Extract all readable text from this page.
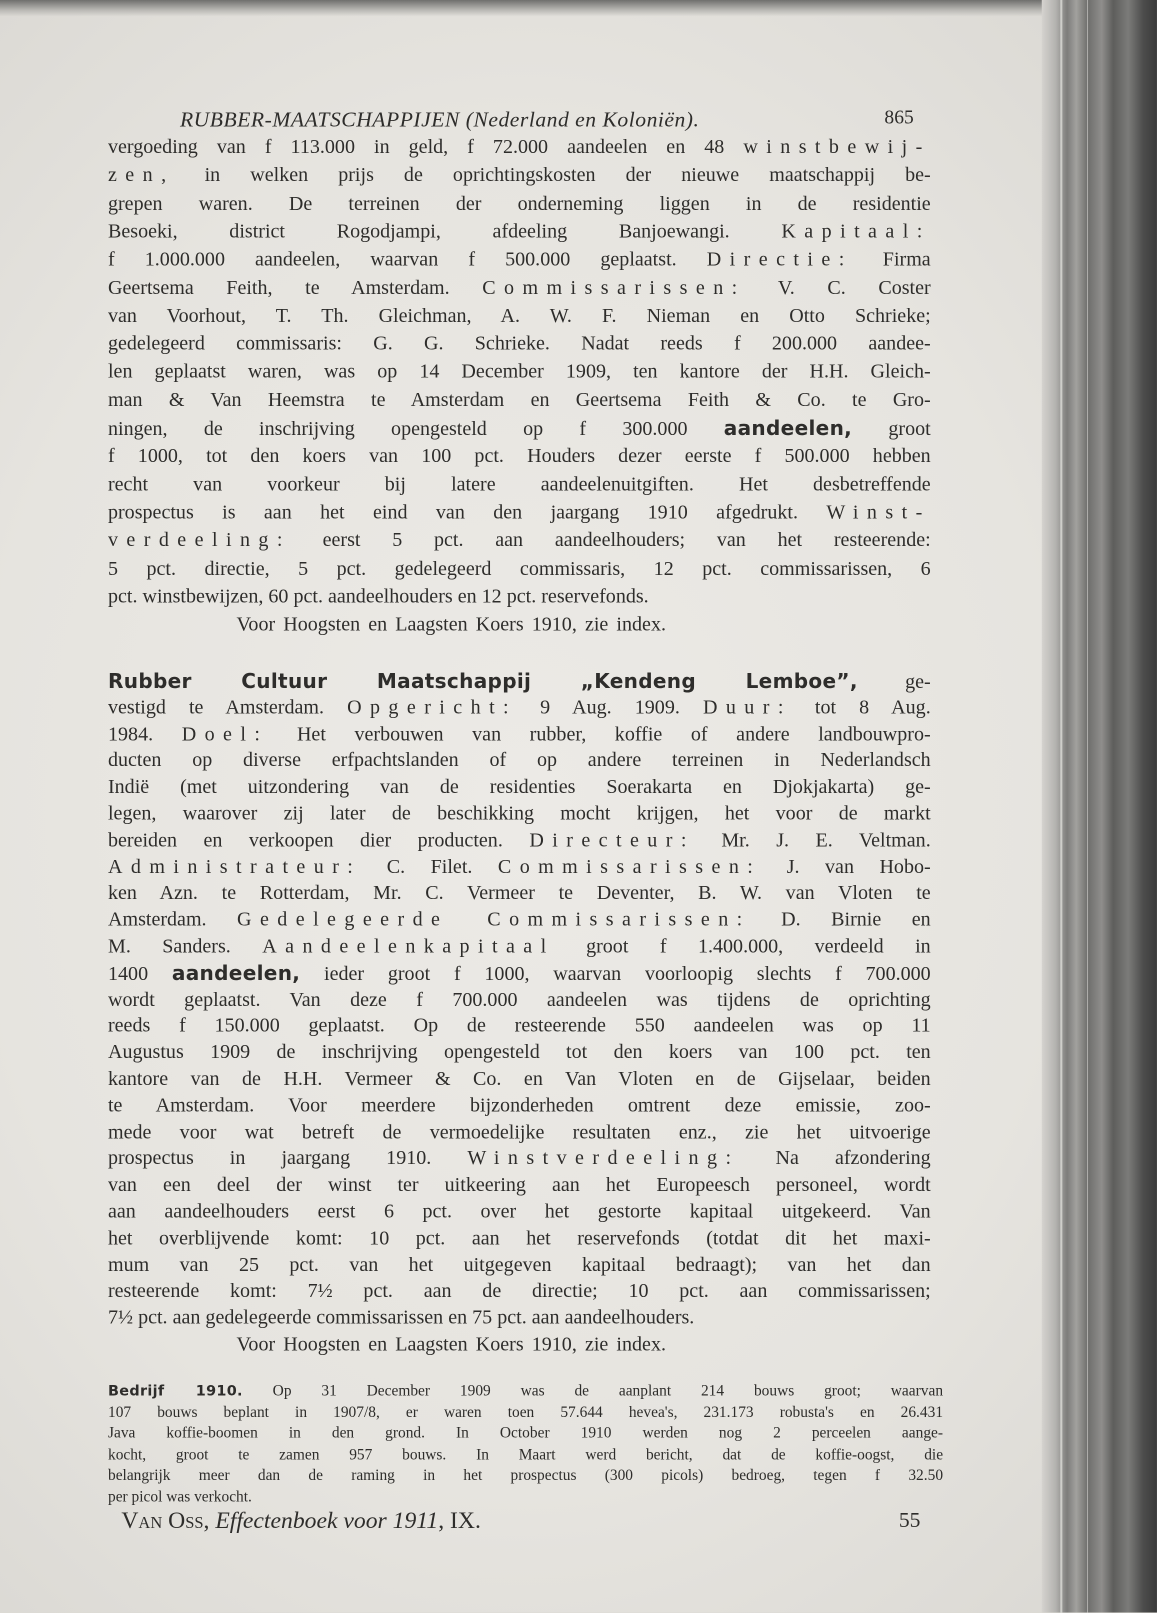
RUBBER-MAATSCHAPPIJEN (Nederland en Koloniën).	865
vergoeding van f 113.000 in geld, f 72.000 aandeelen en 48 winstbewij-
zen, in welken prijs de oprichtingskosten der nieuwe maatschappij be-
grepen waren. De terreinen der onderneming liggen in de residentie
Besoeki, district Rogodjampi, afdeeling Banjoewangi. Kapitaal:
f 1.000.000 aandeelen, waarvan f 500.000 geplaatst. Directie: Firma
Geertsema Feith, te Amsterdam. Commissarissen: V. C. Coster
van Voorhout, T. Th. Gleichman, A. W. F. Nieman en Otto Schrieke;
gedelegeerd commissaris: G. G. Schrieke. Nadat reeds f 200.000 aandee-
len geplaatst waren, was op 14 December 1909, ten kantore der H.H. Gleich-
man & Van Heemstra te Amsterdam en Geertsema Feith & Co. te Gro-
ningen, de inschrijving opengesteld op f 300.000 aandeelen, groot
f 1000, tot den koers van 100 pct. Houders dezer eerste f 500.000 hebben
recht van voorkeur bij latere aandeelenuitgiften. Het desbetreffende
prospectus is aan het eind van den jaargang 1910 afgedrukt. Winst-
verdeeling: eerst 5 pct. aan aandeelhouders; van het resteerende:
5 pct. directie, 5 pct. gedelegeerd commissaris, 12 pct. commissarissen, 6
pct. winstbewijzen, 60 pct. aandeelhouders en 12 pct. reservefonds.
Voor Hoogsten en Laagsten Koers 1910, zie index.
Rubber Cultuur Maatschappij „Kendeng Lemboe”, ge-
vestigd te Amsterdam. Opgericht: 9 Aug. 1909. Duur: tot 8 Aug.
1984. Doel: Het verbouwen van rubber, koffie of andere landbouwpro-
ducten op diverse erfpachtslanden of op andere terreinen in Nederlandsch
Indië (met uitzondering van de residenties Soerakarta en Djokjakarta) ge-
legen, waarover zij later de beschikking mocht krijgen, het voor de markt
bereiden en verkoopen dier producten. Directeur: Mr. J. E. Veltman.
Administrateur: C. Filet. Commissarissen: J. van Hobo-
ken Azn. te Rotterdam, Mr. C. Vermeer te Deventer, B. W. van Vloten te
Amsterdam. Gedelegeerde Commissarissen: D. Birnie en
M. Sanders. Aandeelenkapitaal groot f 1.400.000, verdeeld in
1400 aandeelen, ieder groot f 1000, waarvan voorloopig slechts f 700.000
wordt geplaatst. Van deze f 700.000 aandeelen was tijdens de oprichting
reeds f 150.000 geplaatst. Op de resteerende 550 aandeelen was op 11
Augustus 1909 de inschrijving opengesteld tot den koers van 100 pct. ten
kantore van de H.H. Vermeer & Co. en Van Vloten en de Gijselaar, beiden
te Amsterdam. Voor meerdere bijzonderheden omtrent deze emissie, zoo-
mede voor wat betreft de vermoedelijke resultaten enz., zie het uitvoerige
prospectus in jaargang 1910. Winstverdeeling: Na afzondering
van een deel der winst ter uitkeering aan het Europeesch personeel, wordt
aan aandeelhouders eerst 6 pct. over het gestorte kapitaal uitgekeerd. Van
het overblijvende komt: 10 pct. aan het reservefonds (totdat dit het maxi-
mum van 25 pct. van het uitgegeven kapitaal bedraagt); van het dan
resteerende komt: 7½ pct. aan de directie; 10 pct. aan commissarissen;
7½ pct. aan gedelegeerde commissarissen en 75 pct. aan aandeelhouders.
Voor Hoogsten en Laagsten Koers 1910, zie index.
Bedrijf 1910. Op 31 December 1909 was de aanplant 214 bouws groot; waarvan
107 bouws beplant in 1907/8, er waren toen 57.644 hevea's, 231.173 robusta's en 26.431
Java koffie-boomen in den grond. In October 1910 werden nog 2 perceelen aange-
kocht, groot te zamen 957 bouws. In Maart werd bericht, dat de koffie-oogst, die
belangrijk meer dan de raming in het prospectus (300 picols) bedroeg, tegen f 32.50
per picol was verkocht.
Van Oss, Effectenboek voor 1911, IX.	55
